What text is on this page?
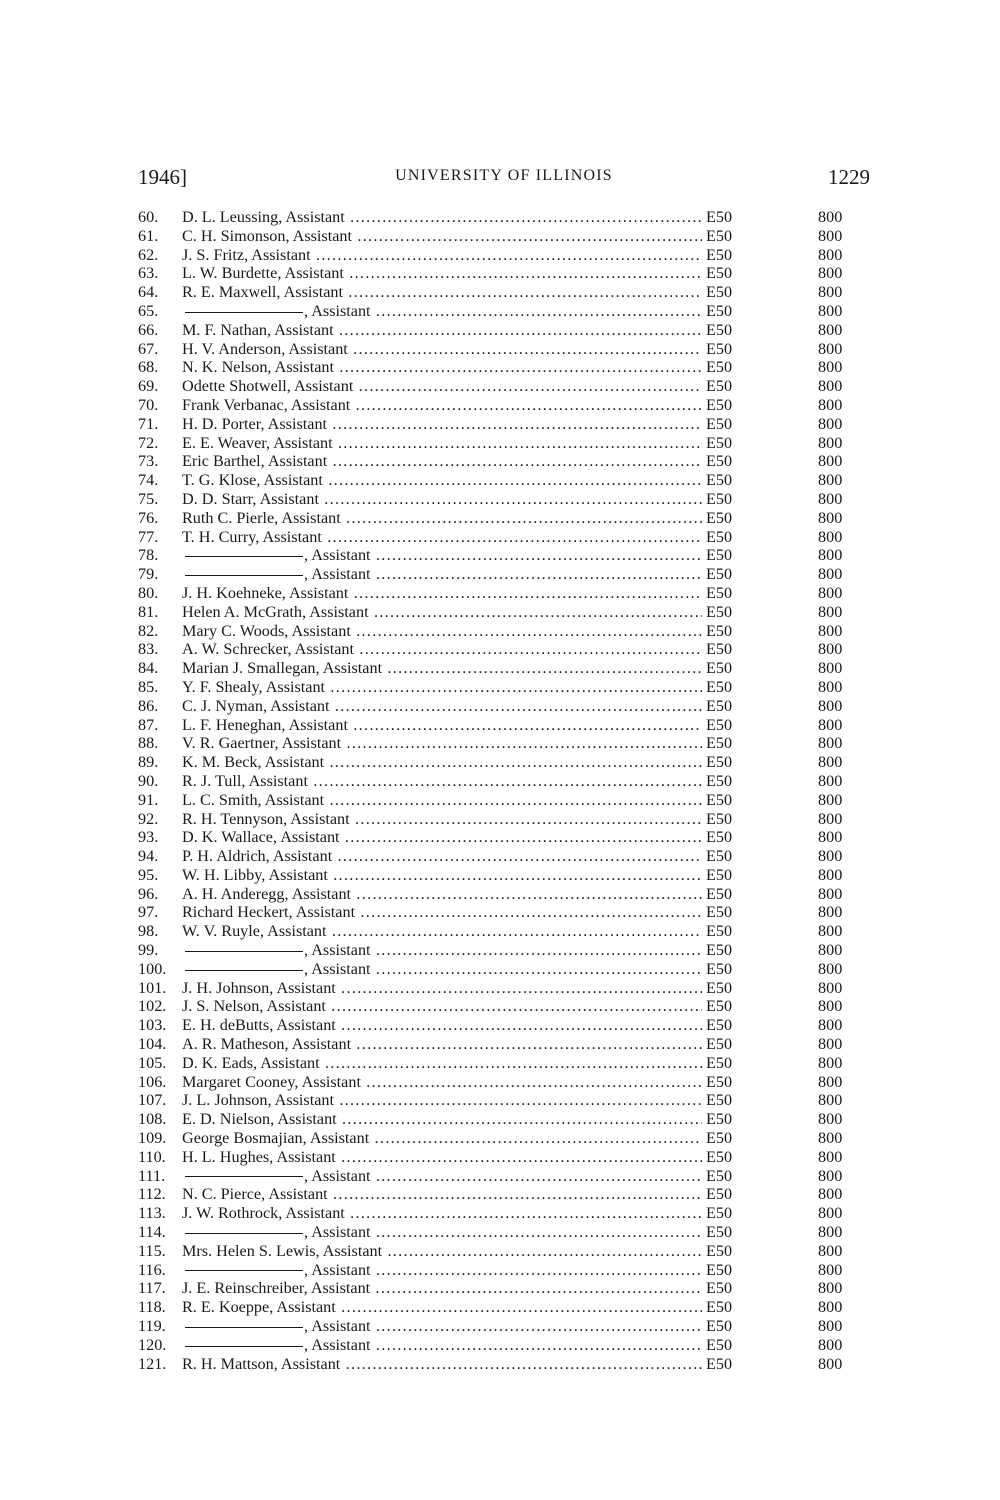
1946]	UNIVERSITY OF ILLINOIS	1229
60.	D. L. Leussing, Assistant .....	E50	800
61.	C. H. Simonson, Assistant .....	E50	800
62.	J. S. Fritz, Assistant .....	E50	800
63.	L. W. Burdette, Assistant .....	E50	800
64.	R. E. Maxwell, Assistant .....	E50	800
65.	, Assistant .....	E50	800
66.	M. F. Nathan, Assistant .....	E50	800
67.	H. V. Anderson, Assistant .....	E50	800
68.	N. K. Nelson, Assistant .....	E50	800
69.	Odette Shotwell, Assistant .....	E50	800
70.	Frank Verbanac, Assistant .....	E50	800
71.	H. D. Porter, Assistant .....	E50	800
72.	E. E. Weaver, Assistant .....	E50	800
73.	Eric Barthel, Assistant .....	E50	800
74.	T. G. Klose, Assistant .....	E50	800
75.	D. D. Starr, Assistant .....	E50	800
76.	Ruth C. Pierle, Assistant .....	E50	800
77.	T. H. Curry, Assistant .....	E50	800
78.	, Assistant .....	E50	800
79.	, Assistant .....	E50	800
80.	J. H. Koehneke, Assistant .....	E50	800
81.	Helen A. McGrath, Assistant .....	E50	800
82.	Mary C. Woods, Assistant .....	E50	800
83.	A. W. Schrecker, Assistant .....	E50	800
84.	Marian J. Smallegan, Assistant .....	E50	800
85.	Y. F. Shealy, Assistant .....	E50	800
86.	C. J. Nyman, Assistant .....	E50	800
87.	L. F. Heneghan, Assistant .....	E50	800
88.	V. R. Gaertner, Assistant .....	E50	800
89.	K. M. Beck, Assistant .....	E50	800
90.	R. J. Tull, Assistant .....	E50	800
91.	L. C. Smith, Assistant .....	E50	800
92.	R. H. Tennyson, Assistant .....	E50	800
93.	D. K. Wallace, Assistant .....	E50	800
94.	P. H. Aldrich, Assistant .....	E50	800
95.	W. H. Libby, Assistant .....	E50	800
96.	A. H. Anderegg, Assistant .....	E50	800
97.	Richard Heckert, Assistant .....	E50	800
98.	W. V. Ruyle, Assistant .....	E50	800
99.	, Assistant .....	E50	800
100.	, Assistant .....	E50	800
101. J. H. Johnson, Assistant .....	E50	800
102. J. S. Nelson, Assistant .....	E50	800
103. E. H. deButts, Assistant .....	E50	800
104. A. R. Matheson, Assistant .....	E50	800
105. D. K. Eads, Assistant .....	E50	800
106. Margaret Cooney, Assistant .....	E50	800
107. J. L. Johnson, Assistant .....	E50	800
108. E. D. Nielson, Assistant .....	E50	800
109. George Bosmajian, Assistant .....	E50	800
110.	H. L. Hughes, Assistant .....	E50	800
111.	, Assistant .....	E50	800
112.	N. C. Pierce, Assistant .....	E50	800
113.	J. W. Rothrock, Assistant .....	E50	800
114.	, Assistant .....	E50	800
115.	Mrs. Helen S. Lewis, Assistant .....	E50	800
116.	, Assistant .....	E50	800
117.	J. E. Reinschreiber, Assistant .....	E50	800
118.	R. E. Koeppe, Assistant .....	E50	800
119.	, Assistant .....	E50	800
120.	, Assistant .....	E50	800
121. R. H. Mattson, Assistant .....	E50	800
